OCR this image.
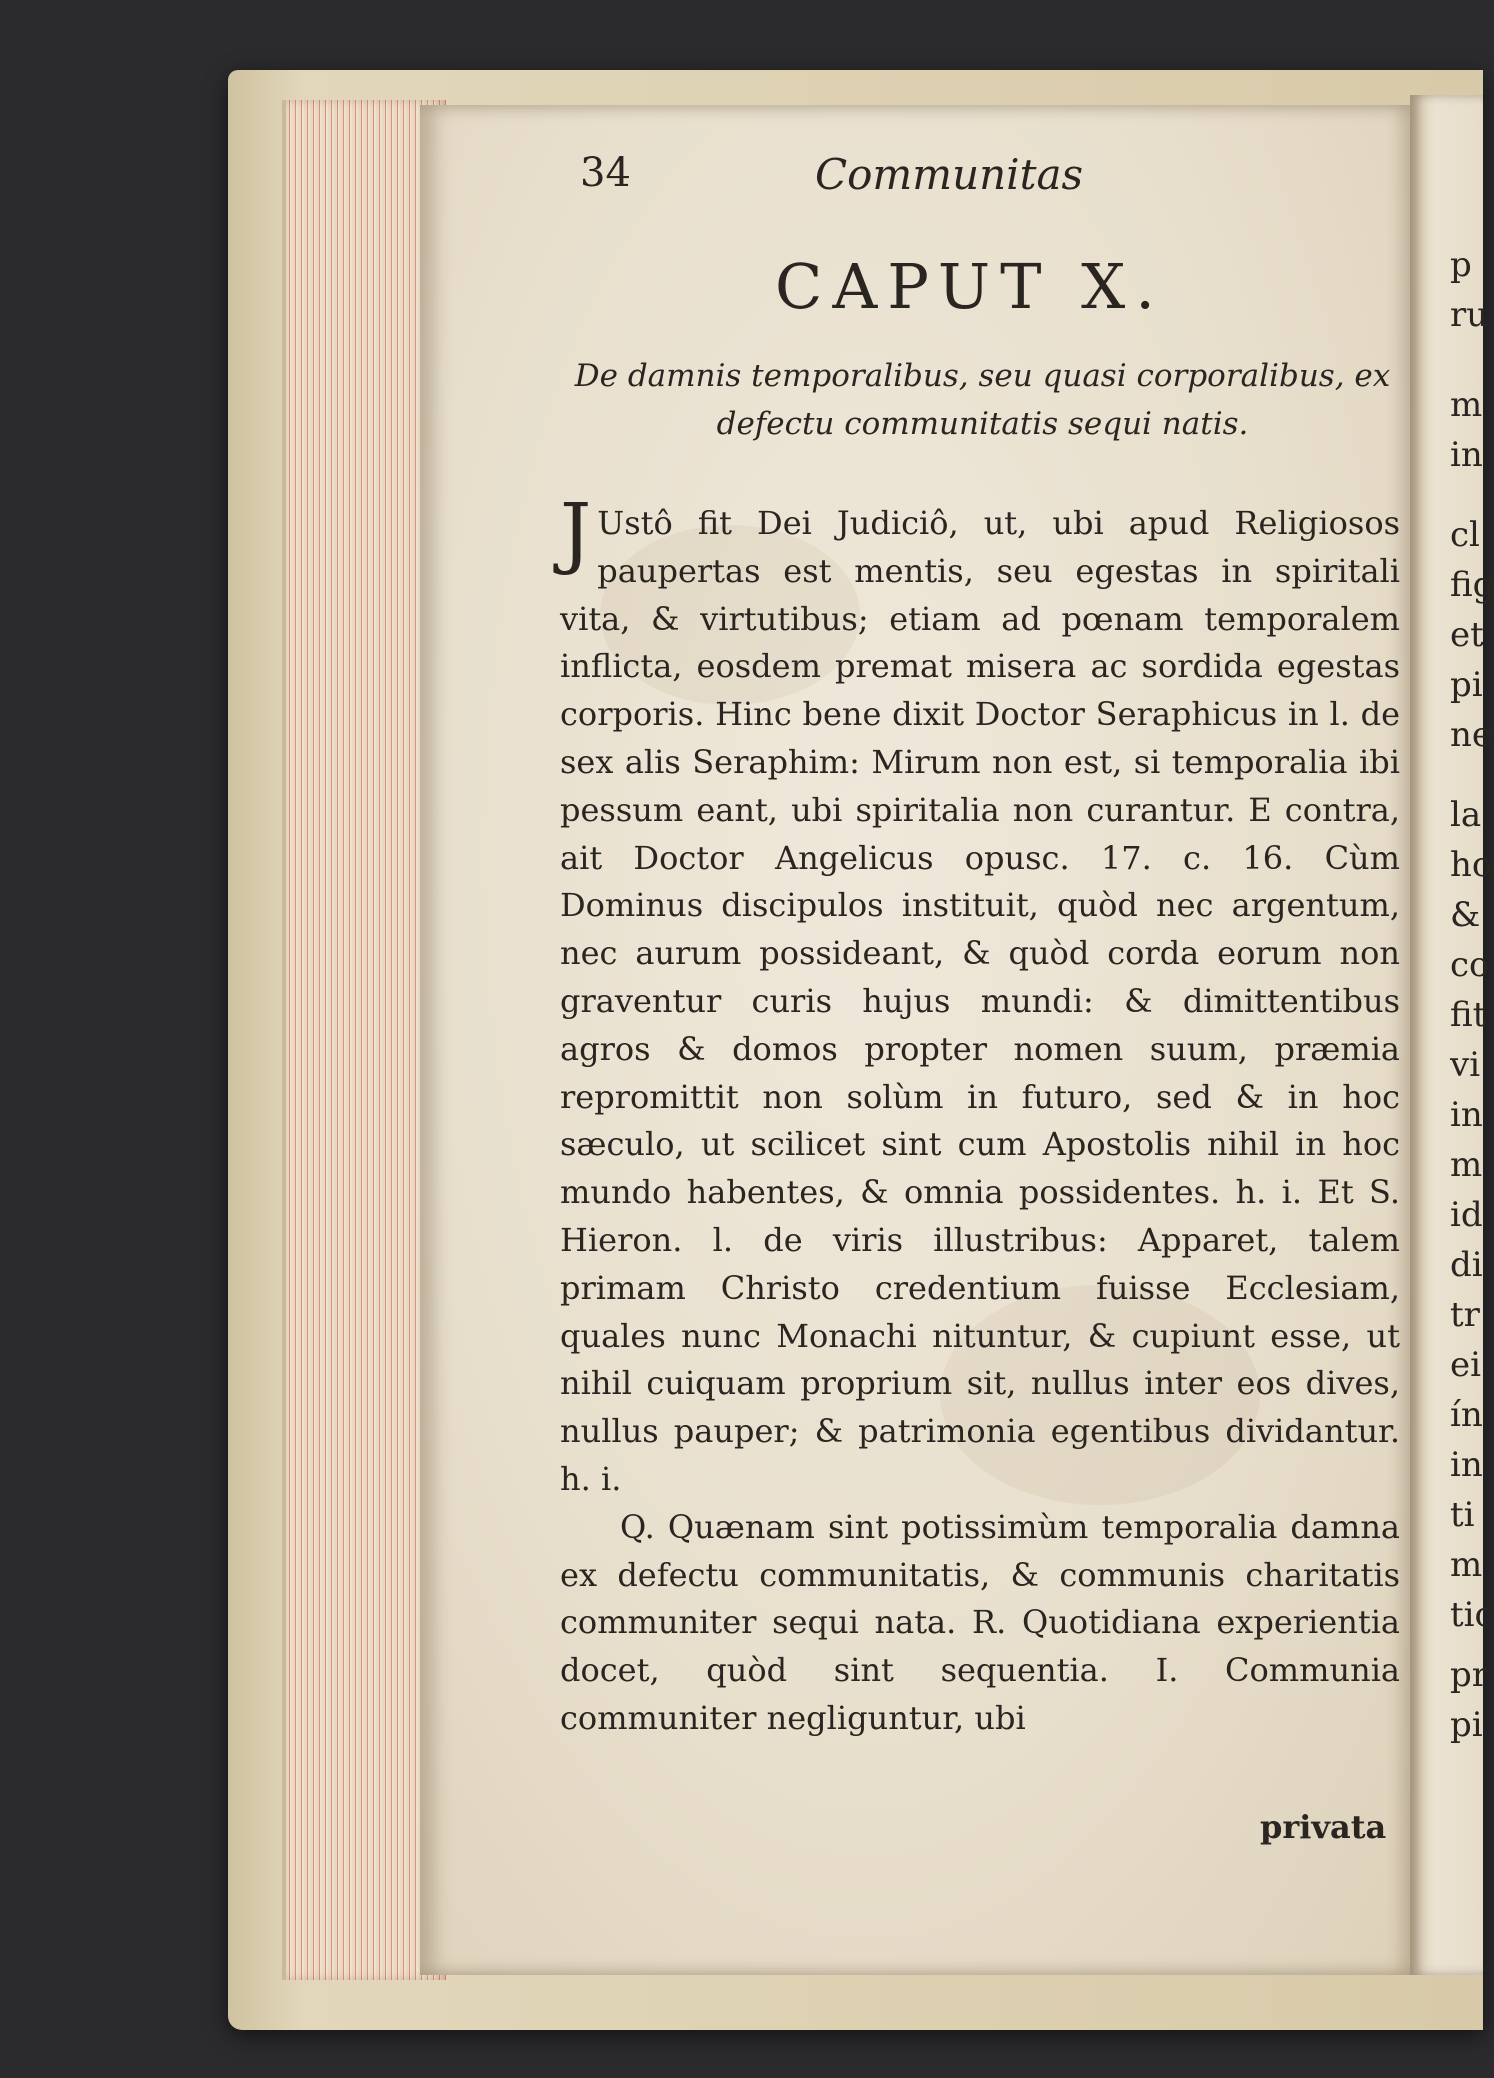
p
ru
m
in
cl
fig
et
pi
ne
la
ho
&
co
fit
vi
in
m
id
di
tr
ei
ín
in
ti
m
tic
pr
pi
34	Communitas
CAPUT X.
De damnis temporalibus, seu quasi corporalibus, ex defectu communitatis sequi natis.

J Ustô fit Dei Judiciô, ut, ubi apud Religiosos paupertas est mentis, seu egestas in spiritali vita, & virtutibus; etiam ad pœnam temporalem inflicta, eosdem premat misera ac sordida egestas corporis. Hinc bene dixit Doctor Seraphicus in l. de sex alis Seraphim: Mirum non est, si temporalia ibi pessum eant, ubi spiritalia non curantur. E contra, ait Doctor Angelicus opusc. 17. c. 16. Cùm Dominus discipulos instituit, quòd nec argentum, nec aurum possideant, & quòd corda eorum non graventur curis hujus mundi: & dimittentibus agros & domos propter nomen suum, præmia repromittit non solùm in futuro, sed & in hoc sæculo, ut scilicet sint cum Apostolis nihil in hoc mundo habentes, & omnia possidentes. h. i. Et S. Hieron. l. de viris illustribus: Apparet, talem primam Christo credentium fuisse Ecclesiam, quales nunc Monachi nituntur, & cupiunt esse, ut nihil cuiquam proprium sit, nullus inter eos dives, nullus pauper; & patrimonia egentibus dividantur. h. i.

Q. Quænam sint potissimùm temporalia damna ex defectu communitatis, & communis charitatis communiter sequi nata. R. Quotidiana experientia docet, quòd sint sequentia. I. Communia communiter negliguntur, ubi

privata
